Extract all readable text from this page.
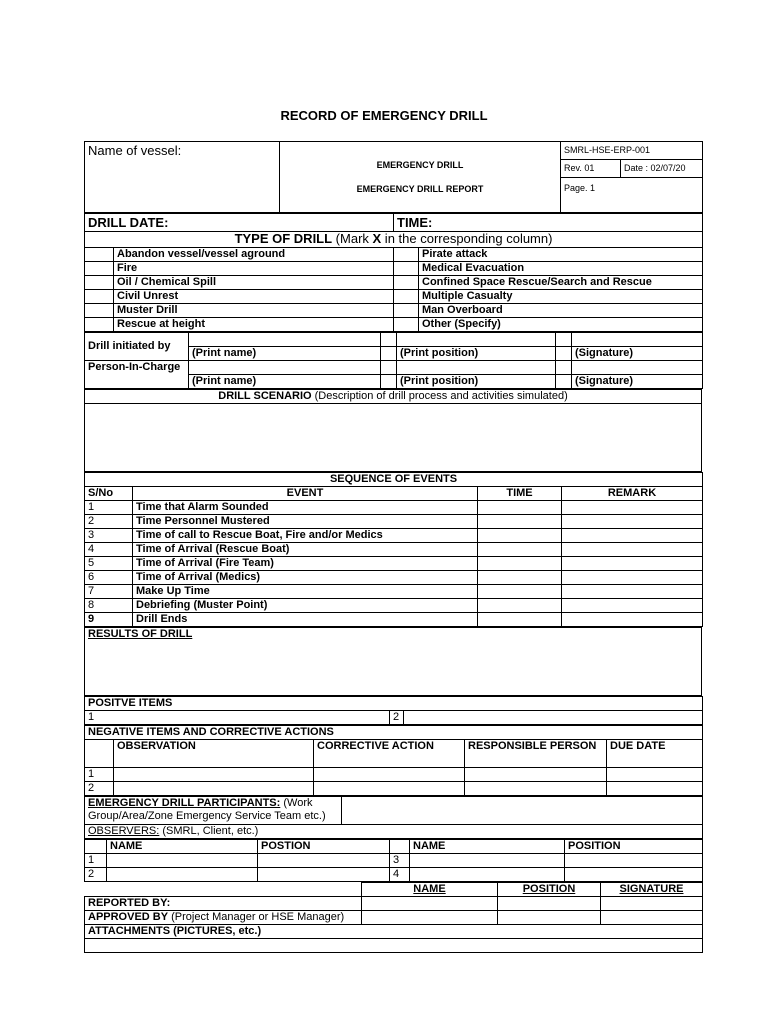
RECORD OF EMERGENCY DRILL
Name of vessel:	EMERGENCY DRILL
EMERGENCY DRILL REPORT	SMRL-HSE-ERP-001	
		Rev. 01	Date : 02/07/20
		Page. 1	
DRILL DATE:		TIME:	
TYPE OF DRILL (Mark X in the corresponding column)			
	Abandon vessel/vessel aground		Pirate attack
	Fire		Medical Evacuation
	Oil / Chemical Spill		Confined Space Rescue/Search and Rescue
	Civil Unrest		Multiple Casualty
	Muster Drill		Man Overboard
	Rescue at height		Other (Specify)
Drill initiated by					
	(Print name)		(Print position)		(Signature)
Person-In-Charge					
	(Print name)		(Print position)		(Signature)
DRILL SCENARIO (Description of drill process and activities simulated)

SEQUENCE OF EVENTS			
S/No	EVENT	TIME	REMARK
1	Time that Alarm Sounded		
2	Time Personnel Mustered		
3	Time of call to Rescue Boat, Fire and/or Medics		
4	Time of Arrival (Rescue Boat)		
5	Time of Arrival (Fire Team)		
6	Time of Arrival (Medics)		
7	Make Up Time		
8	Debriefing (Muster Point)		
9	Drill Ends		
RESULTS OF DRILL
POSITVE ITEMS
1	2	
NEGATIVE ITEMS AND CORRECTIVE ACTIONS				
	OBSERVATION	CORRECTIVE ACTION	RESPONSIBLE PERSON	DUE DATE
1				
2				
EMERGENCY DRILL PARTICIPANTS: (Work Group/Area/Zone Emergency Service Team etc.)	
OBSERVERS: (SMRL, Client, etc.)
	NAME	POSTION		NAME	POSITION
1			3		
2			4		
	NAME	POSITION	SIGNATURE
REPORTED BY:			
APPROVED BY (Project Manager or HSE Manager)			
ATTACHMENTS (PICTURES, etc.)			
